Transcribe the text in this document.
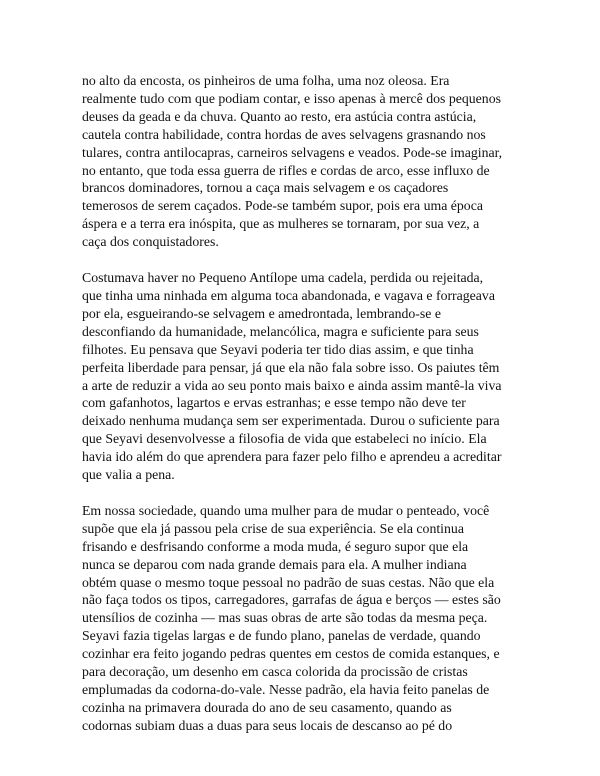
no alto da encosta, os pinheiros de uma folha, uma noz oleosa. Era
realmente tudo com que podiam contar, e isso apenas à mercê dos pequenos
deuses da geada e da chuva. Quanto ao resto, era astúcia contra astúcia,
cautela contra habilidade, contra hordas de aves selvagens grasnando nos
tulares, contra antilocapras, carneiros selvagens e veados. Pode-se imaginar,
no entanto, que toda essa guerra de rifles e cordas de arco, esse influxo de
brancos dominadores, tornou a caça mais selvagem e os caçadores
temerosos de serem caçados. Pode-se também supor, pois era uma época
áspera e a terra era inóspita, que as mulheres se tornaram, por sua vez, a
caça dos conquistadores.
Costumava haver no Pequeno Antílope uma cadela, perdida ou rejeitada,
que tinha uma ninhada em alguma toca abandonada, e vagava e forrageava
por ela, esgueirando-se selvagem e amedrontada, lembrando-se e
desconfiando da humanidade, melancólica, magra e suficiente para seus
filhotes. Eu pensava que Seyavi poderia ter tido dias assim, e que tinha
perfeita liberdade para pensar, já que ela não fala sobre isso. Os paiutes têm
a arte de reduzir a vida ao seu ponto mais baixo e ainda assim mantê-la viva
com gafanhotos, lagartos e ervas estranhas; e esse tempo não deve ter
deixado nenhuma mudança sem ser experimentada. Durou o suficiente para
que Seyavi desenvolvesse a filosofia de vida que estabeleci no início. Ela
havia ido além do que aprendera para fazer pelo filho e aprendeu a acreditar
que valia a pena.
Em nossa sociedade, quando uma mulher para de mudar o penteado, você
supõe que ela já passou pela crise de sua experiência. Se ela continua
frisando e desfrisando conforme a moda muda, é seguro supor que ela
nunca se deparou com nada grande demais para ela. A mulher indiana
obtém quase o mesmo toque pessoal no padrão de suas cestas. Não que ela
não faça todos os tipos, carregadores, garrafas de água e berços — estes são
utensílios de cozinha — mas suas obras de arte são todas da mesma peça.
Seyavi fazia tigelas largas e de fundo plano, panelas de verdade, quando
cozinhar era feito jogando pedras quentes em cestos de comida estanques, e
para decoração, um desenho em casca colorida da procissão de cristas
emplumadas da codorna-do-vale. Nesse padrão, ela havia feito panelas de
cozinha na primavera dourada do ano de seu casamento, quando as
codornas subiam duas a duas para seus locais de descanso ao pé do
